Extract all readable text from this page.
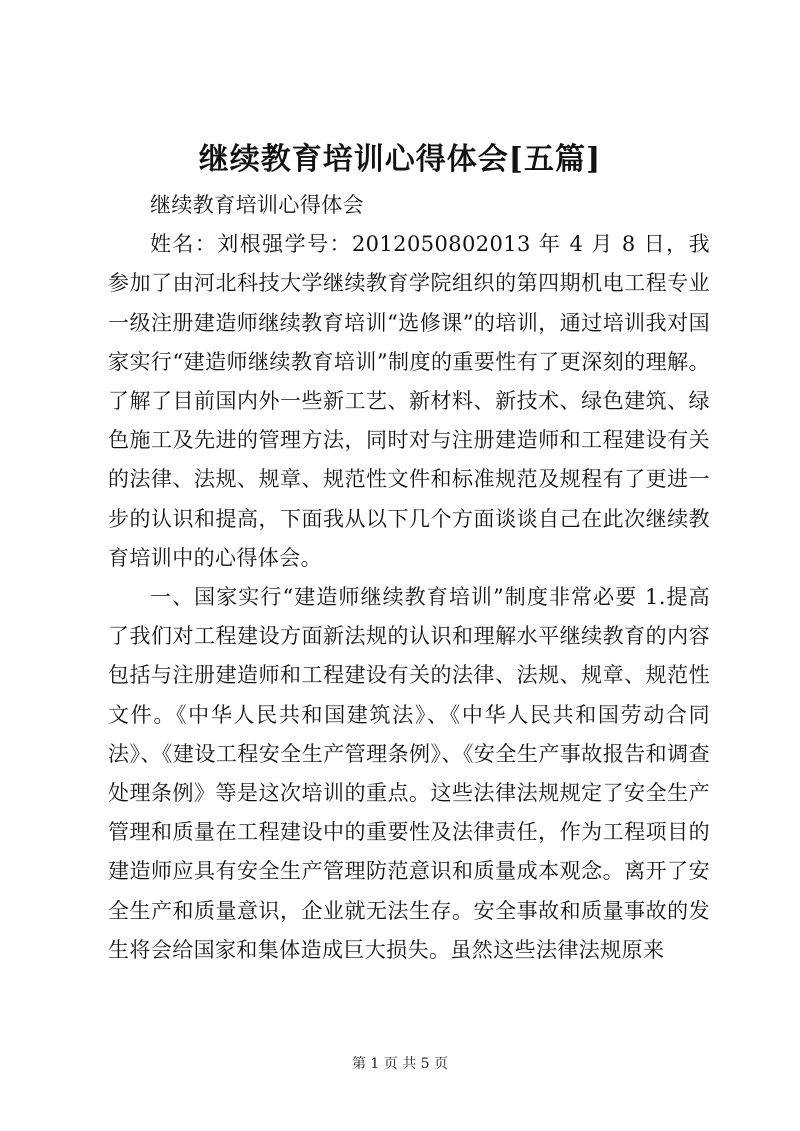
继续教育培训心得体会[五篇]

继续教育培训心得体会

姓名：刘根强学号：2012050802013 年 4 月 8 日，我参加了由河北科技大学继续教育学院组织的第四期机电工程专业一级注册建造师继续教育培训“选修课”的培训，通过培训我对国家实行“建造师继续教育培训”制度的重要性有了更深刻的理解。了解了目前国内外一些新工艺、新材料、新技术、绿色建筑、绿色施工及先进的管理方法，同时对与注册建造师和工程建设有关的法律、法规、规章、规范性文件和标准规范及规程有了更进一步的认识和提高，下面我从以下几个方面谈谈自己在此次继续教育培训中的心得体会。

一、国家实行“建造师继续教育培训”制度非常必要 1.提高了我们对工程建设方面新法规的认识和理解水平继续教育的内容包括与注册建造师和工程建设有关的法律、法规、规章、规范性文件。《中华人民共和国建筑法》、《中华人民共和国劳动合同法》、《建设工程安全生产管理条例》、《安全生产事故报告和调查处理条例》等是这次培训的重点。这些法律法规规定了安全生产管理和质量在工程建设中的重要性及法律责任，作为工程项目的建造师应具有安全生产管理防范意识和质量成本观念。离开了安全生产和质量意识，企业就无法生存。安全事故和质量事故的发生将会给国家和集体造成巨大损失。虽然这些法律法规原来

第 1 页 共 5 页
